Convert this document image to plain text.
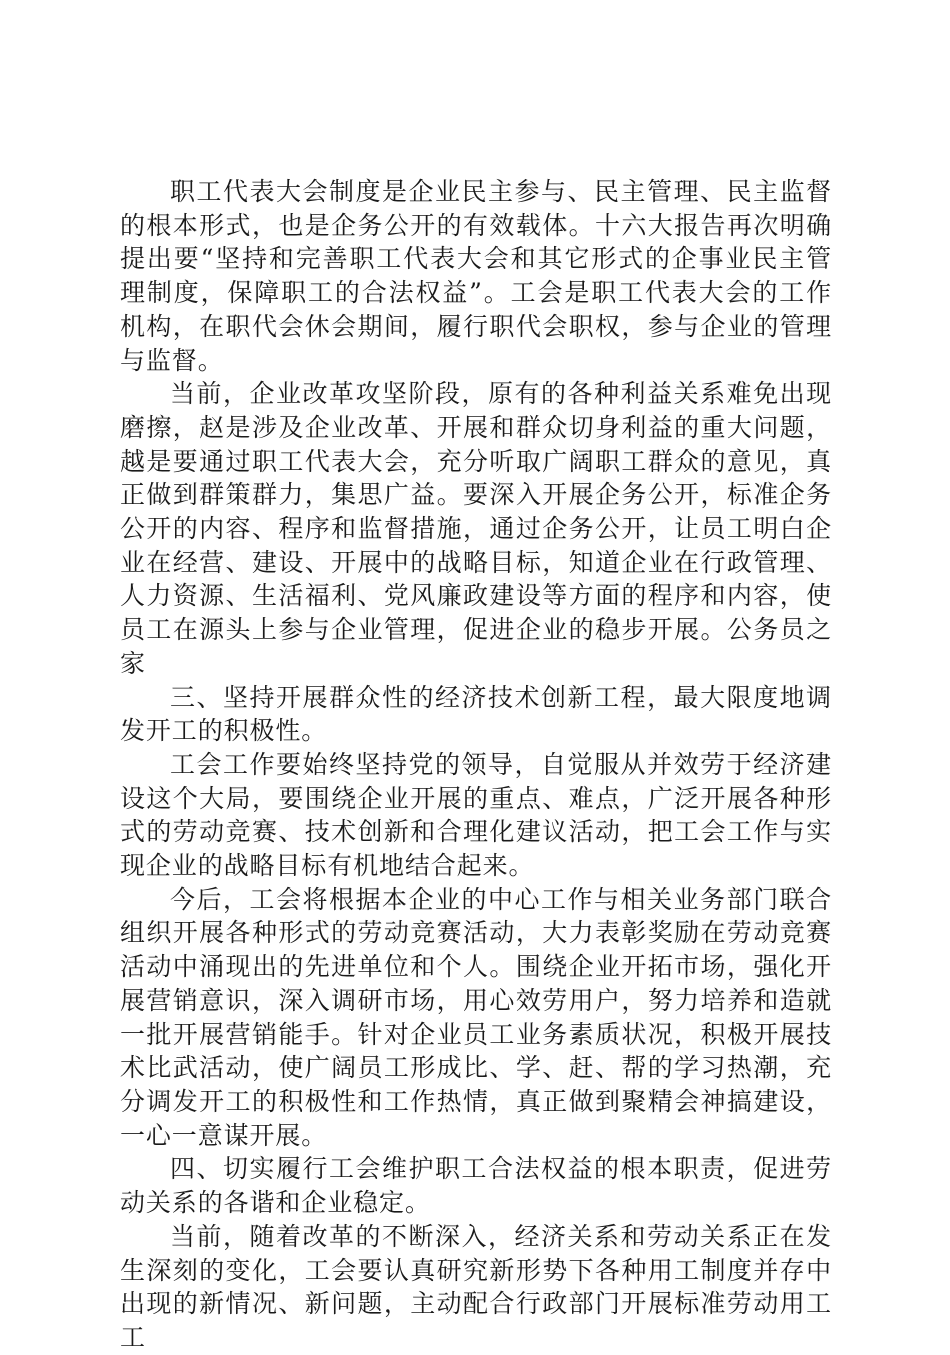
职工代表大会制度是企业民主参与、民主管理、民主监督的根本形式，也是企务公开的有效载体。十六大报告再次明确提出要“坚持和完善职工代表大会和其它形式的企事业民主管理制度，保障职工的合法权益”。工会是职工代表大会的工作机构，在职代会休会期间，履行职代会职权，参与企业的管理与监督。

当前，企业改革攻坚阶段，原有的各种利益关系难免出现磨擦，赵是涉及企业改革、开展和群众切身利益的重大问题，越是要通过职工代表大会，充分听取广阔职工群众的意见，真正做到群策群力，集思广益。要深入开展企务公开，标准企务公开的内容、程序和监督措施，通过企务公开，让员工明白企业在经营、建设、开展中的战略目标，知道企业在行政管理、人力资源、生活福利、党风廉政建设等方面的程序和内容，使员工在源头上参与企业管理，促进企业的稳步开展。公务员之家

三、坚持开展群众性的经济技术创新工程，最大限度地调发开工的积极性。

工会工作要始终坚持党的领导，自觉服从并效劳于经济建设这个大局，要围绕企业开展的重点、难点，广泛开展各种形式的劳动竞赛、技术创新和合理化建议活动，把工会工作与实现企业的战略目标有机地结合起来。

今后，工会将根据本企业的中心工作与相关业务部门联合组织开展各种形式的劳动竞赛活动，大力表彰奖励在劳动竞赛活动中涌现出的先进单位和个人。围绕企业开拓市场，强化开展营销意识，深入调研市场，用心效劳用户，努力培养和造就一批开展营销能手。针对企业员工业务素质状况，积极开展技术比武活动，使广阔员工形成比、学、赶、帮的学习热潮，充分调发开工的积极性和工作热情，真正做到聚精会神搞建设，一心一意谋开展。

四、切实履行工会维护职工合法权益的根本职责，促进劳动关系的各谐和企业稳定。

当前，随着改革的不断深入，经济关系和劳动关系正在发生深刻的变化，工会要认真研究新形势下各种用工制度并存中出现的新情况、新问题，主动配合行政部门开展标准劳动用工工
